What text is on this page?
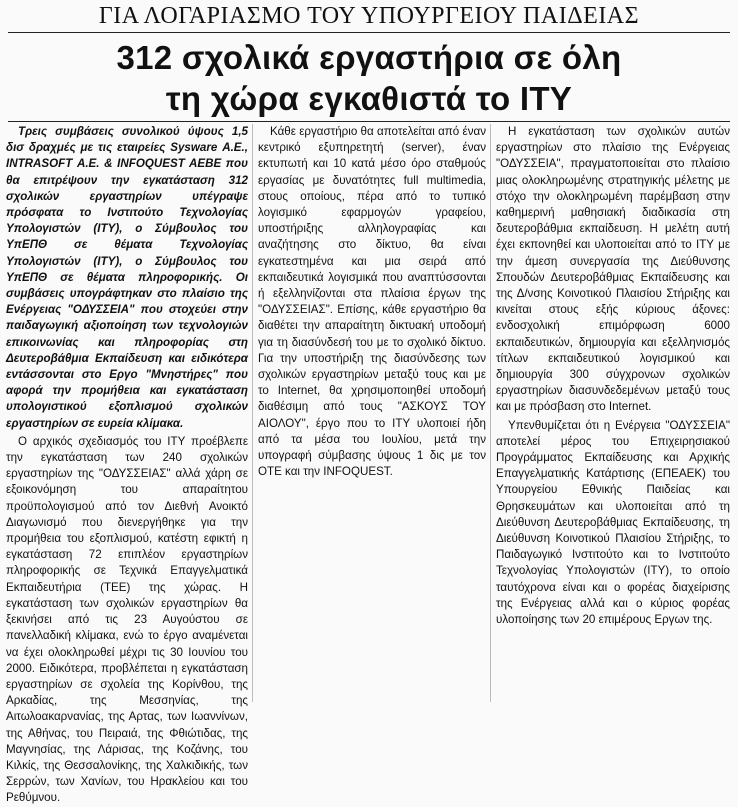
ΓΙΑ ΛΟΓΑΡΙΑΣΜΟ ΤΟΥ ΥΠΟΥΡΓΕΙΟΥ ΠΑΙΔΕΙΑΣ
312 σχολικά εργαστήρια σε όλη
τη χώρα εγκαθιστά το ΙΤΥ

Τρεις συμβάσεις συνολικού ύψους 1,5 δισ δραχμές με τις εταιρείες Sysware Α.Ε., INTRASOFT Α.Ε. & INFOQUEST AEBE που θα επιτρέψουν την εγκατάσταση 312 σχολικών εργαστηρίων υπέγραψε πρόσφατα το Ινστιτούτο Τεχνολογίας Υπολογιστών (ΙΤΥ), ο Σύμβουλος του ΥπΕΠΘ σε θέματα Τεχνολογίας Υπολογιστών (ΙΤΥ), ο Σύμβουλος του ΥπΕΠΘ σε θέματα πληροφορικής. Οι συμβάσεις υπογράφτηκαν στο πλαίσιο της Ενέργειας "ΟΔΥΣΣΕΙΑ" που στοχεύει στην παιδαγωγική αξιοποίηση των τεχνολογιών επικοινωνίας και πληροφορίας στη Δευτεροβάθμια Εκπαίδευση και ειδικότερα εντάσσονται στο Εργο "Μνηστήρες" που αφορά την προμήθεια και εγκατάσταση υπολογιστικού εξοπλισμού σχολικών εργαστηρίων σε ευρεία κλίμακα.

Ο αρχικός σχεδιασμός του ΙΤΥ προέβλεπε την εγκατάσταση των 240 σχολικών εργαστηρίων της "ΟΔΥΣΣΕΙΑΣ" αλλά χάρη σε εξοικονόμηση του απαραίτητου προϋπολογισμού από τον Διεθνή Ανοικτό Διαγωνισμό που διενεργήθηκε για την προμήθεια του εξοπλισμού, κατέστη εφικτή η εγκατάσταση 72 επιπλέον εργαστηρίων πληροφορικής σε Τεχνικά Επαγγελματικά Εκπαιδευτήρια (ΤΕΕ) της χώρας. Η εγκατάσταση των σχολικών εργαστηρίων θα ξεκινήσει από τις 23 Αυγούστου σε πανελλαδική κλίμακα, ενώ το έργο αναμένεται να έχει ολοκληρωθεί μέχρι τις 30 Ιουνίου του 2000. Ειδικότερα, προβλέπεται η εγκατάσταση εργαστηρίων σε σχολεία της Κορίνθου, της Αρκαδίας, της Μεσσηνίας, της Αιτωλοακαρνανίας, της Αρτας, των Ιωαννίνων, της Αθήνας, του Πειραιά, της Φθιώτιδας, της Μαγνησίας, της Λάρισας, της Κοζάνης, του Κιλκίς, της Θεσσαλονίκης, της Χαλκιδικής, των Σερρών, των Χανίων, του Ηρακλείου και του Ρεθύμνου.

Κάθε εργαστήριο θα αποτελείται από έναν κεντρικό εξυπηρετητή (server), έναν εκτυπωτή και 10 κατά μέσο όρο σταθμούς εργασίας με δυνατότητες full multimedia, στους οποίους, πέρα από το τυπικό λογισμικό εφαρμογών γραφείου, υποστήριξης αλληλογραφίας και αναζήτησης στο δίκτυο, θα είναι εγκατεστημένα και μια σειρά από εκπαιδευτικά λογισμικά που αναπτύσσονται ή εξελληνίζονται στα πλαίσια έργων της "ΟΔΥΣΣΕΙΑΣ". Επίσης, κάθε εργαστήριο θα διαθέτει την απαραίτητη δικτυακή υποδομή για τη διασύνδεσή του με το σχολικό δίκτυο. Για την υποστήριξη της διασύνδεσης των σχολικών εργαστηρίων μεταξύ τους και με το Internet, θα χρησιμοποιηθεί υποδομή διαθέσιμη από τους "ΑΣΚΟΥΣ ΤΟΥ ΑΙΟΛΟΥ", έργο που το ΙΤΥ υλοποιεί ήδη από τα μέσα του Ιουλίου, μετά την υπογραφή σύμβασης ύψους 1 δις με τον ΟΤΕ και την INFOQUEST.

Η εγκατάσταση των σχολικών αυτών εργαστηρίων στο πλαίσιο της Ενέργειας "ΟΔΥΣΣΕΙΑ", πραγματοποιείται στο πλαίσιο μιας ολοκληρωμένης στρατηγικής μέλετης με στόχο την ολοκληρωμένη παρέμβαση στην καθημερινή μαθησιακή διαδικασία στη δευτεροβάθμια εκπαίδευση. Η μελέτη αυτή έχει εκπονηθεί και υλοποιείται από το ΙΤΥ με την άμεση συνεργασία της Διεύθυνσης Σπουδών Δευτεροβάθμιας Εκπαίδευσης και της Δ/νσης Κοινοτικού Πλαισίου Στήριξης και κινείται στους εξής κύριους άξονες: ενδοσχολική επιμόρφωση 6000 εκπαιδευτικών, δημιουργία και εξελληνισμός τίτλων εκπαιδευτικού λογισμικού και δημιουργία 300 σύγχρονων σχολικών εργαστηρίων διασυνδεδεμένων μεταξύ τους και με πρόσβαση στο Internet.

Υπενθυμίζεται ότι η Ενέργεια "ΟΔΥΣΣΕΙΑ" αποτελεί μέρος του Επιχειρησιακού Προγράμματος Εκπαίδευσης και Αρχικής Επαγγελματικής Κατάρτισης (ΕΠΕΑΕΚ) του Υπουργείου Εθνικής Παιδείας και Θρησκευμάτων και υλοποιείται από τη Διεύθυνση Δευτεροβάθμιας Εκπαίδευσης, τη Διεύθυνση Κοινοτικού Πλαισίου Στήριξης, το Παιδαγωγικό Ινστιτούτο και το Ινστιτούτο Τεχνολογίας Υπολογιστών (ΙΤΥ), το οποίο ταυτόχρονα είναι και ο φορέας διαχείρισης της Ενέργειας αλλά και ο κύριος φορέας υλοποίησης των 20 επιμέρους Εργων της.
